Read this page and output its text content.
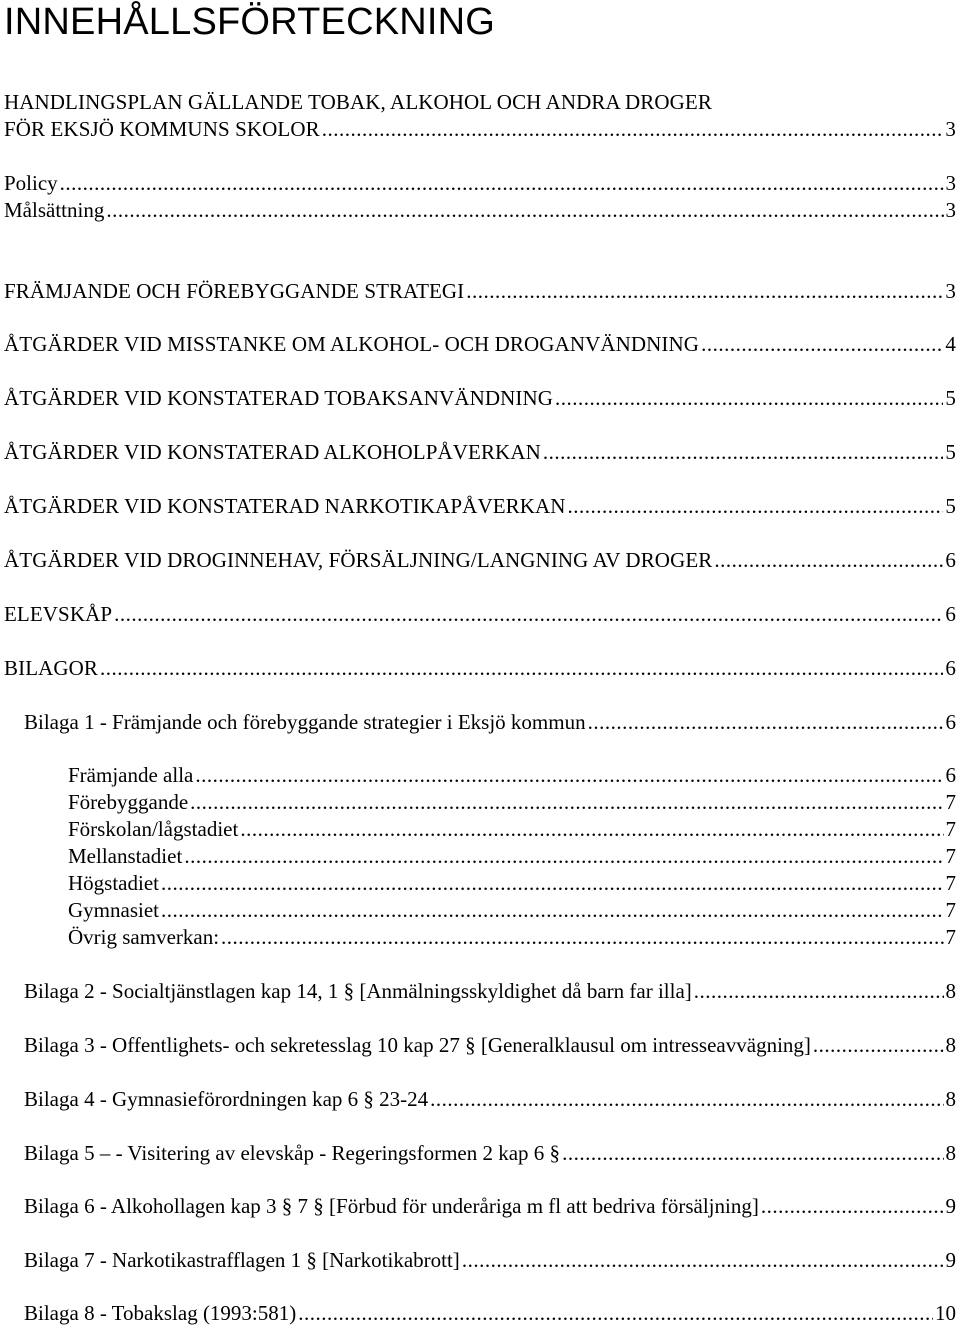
INNEHÅLLSFÖRTECKNING
HANDLINGSPLAN GÄLLANDE TOBAK, ALKOHOL OCH ANDRA DROGER
FÖR EKSJÖ KOMMUNS SKOLOR .....	3
Policy .....	3
Målsättning .....	3
FRÄMJANDE OCH FÖREBYGGANDE STRATEGI .....	3
ÅTGÄRDER VID MISSTANKE OM ALKOHOL- OCH DROGANVÄNDNING .....	4
ÅTGÄRDER VID KONSTATERAD TOBAKSANVÄNDNING .....	5
ÅTGÄRDER VID KONSTATERAD ALKOHOLPÅVERKAN .....	5
ÅTGÄRDER VID KONSTATERAD NARKOTIKAPÅVERKAN .....	5
ÅTGÄRDER VID DROGINNEHAV, FÖRSÄLJNING/LANGNING AV DROGER .....	6
ELEVSKÅP .....	6
BILAGOR .....	6
Bilaga 1 - Främjande och förebyggande strategier i Eksjö kommun .....	6
Främjande alla .....	6
Förebyggande .....	7
Förskolan/lågstadiet .....	7
Mellanstadiet .....	7
Högstadiet .....	7
Gymnasiet .....	7
Övrig samverkan: .....	7
Bilaga 2 - Socialtjänstlagen kap 14, 1 § [Anmälningsskyldighet då barn far illa] .....	8
Bilaga 3 - Offentlighets- och sekretesslag 10 kap 27 § [Generalklausul om intresseavvägning] .....	8
Bilaga 4 - Gymnasieförordningen kap 6 § 23-24 .....	8
Bilaga 5 – - Visitering av elevskåp - Regeringsformen 2 kap 6 § .....	8
Bilaga 6 - Alkohollagen kap 3 § 7 § [Förbud för underåriga m fl att bedriva försäljning] .....	9
Bilaga 7 - Narkotikastrafflagen 1 § [Narkotikabrott] .....	9
Bilaga 8 - Tobakslag (1993:581) .....	10
